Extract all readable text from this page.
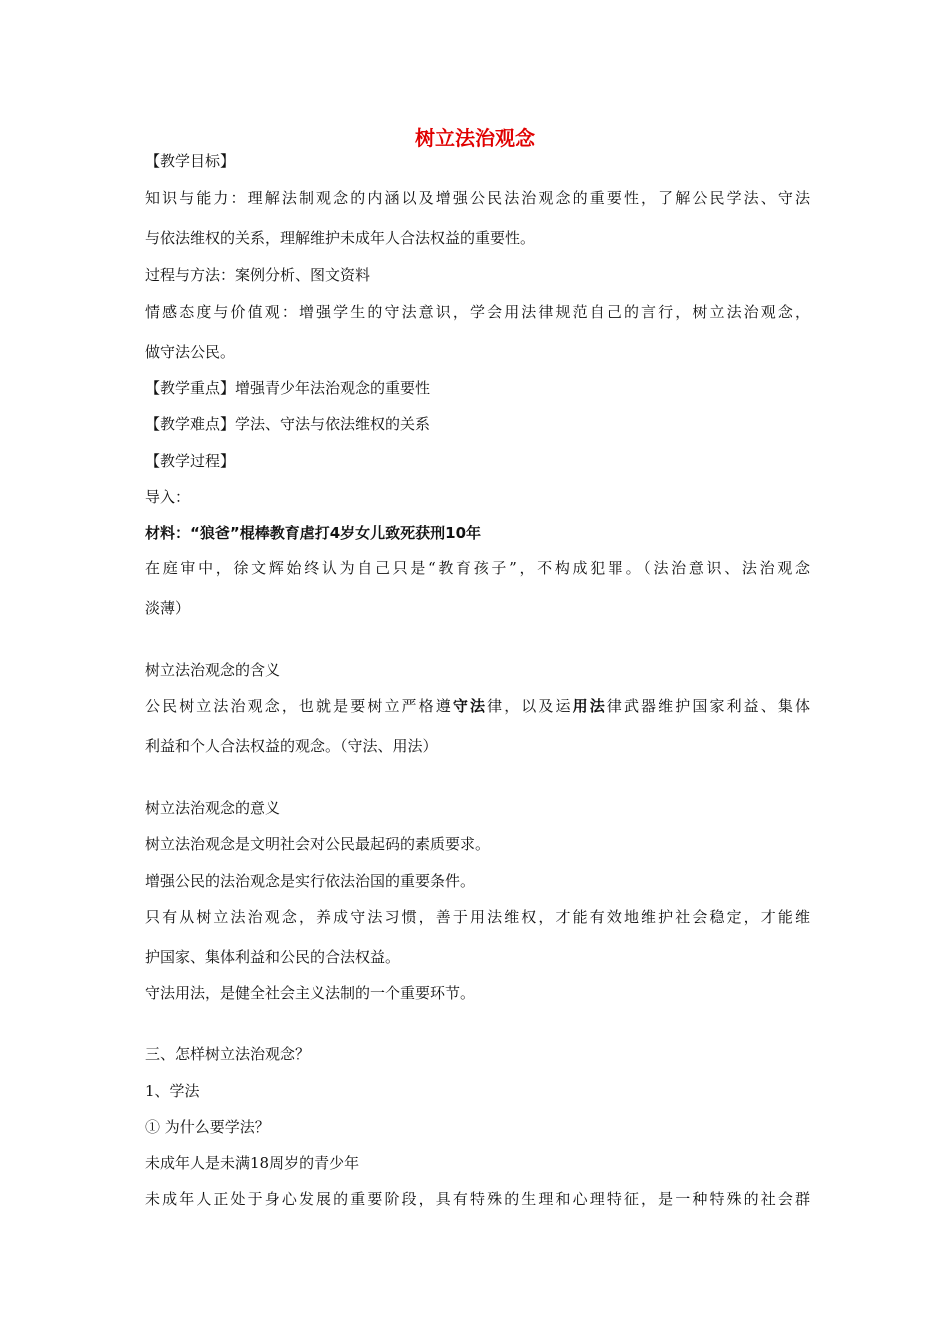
树立法治观念
【教学目标】
知识与能力：理解法制观念的内涵以及增强公民法治观念的重要性，了解公民学法、守法
与依法维权的关系，理解维护未成年人合法权益的重要性。
过程与方法：案例分析、图文资料
情感态度与价值观：增强学生的守法意识，学会用法律规范自己的言行，树立法治观念，
做守法公民。
【教学重点】增强青少年法治观念的重要性
【教学难点】学法、守法与依法维权的关系
【教学过程】
导入：
材料：“狼爸”棍棒教育虐打4岁女儿致死获刑10年
在庭审中，徐文辉始终认为自己只是“教育孩子”，不构成犯罪。（法治意识、法治观念
淡薄）
树立法治观念的含义
公民树立法治观念，也就是要树立严格遵守法律，以及运用法律武器维护国家利益、集体
利益和个人合法权益的观念。（守法、用法）
树立法治观念的意义
树立法治观念是文明社会对公民最起码的素质要求。
增强公民的法治观念是实行依法治国的重要条件。
只有从树立法治观念，养成守法习惯，善于用法维权，才能有效地维护社会稳定，才能维
护国家、集体利益和公民的合法权益。
守法用法，是健全社会主义法制的一个重要环节。
三、怎样树立法治观念？
1、学法
① 为什么要学法？
未成年人是未满18周岁的青少年
未成年人正处于身心发展的重要阶段，具有特殊的生理和心理特征，是一种特殊的社会群
